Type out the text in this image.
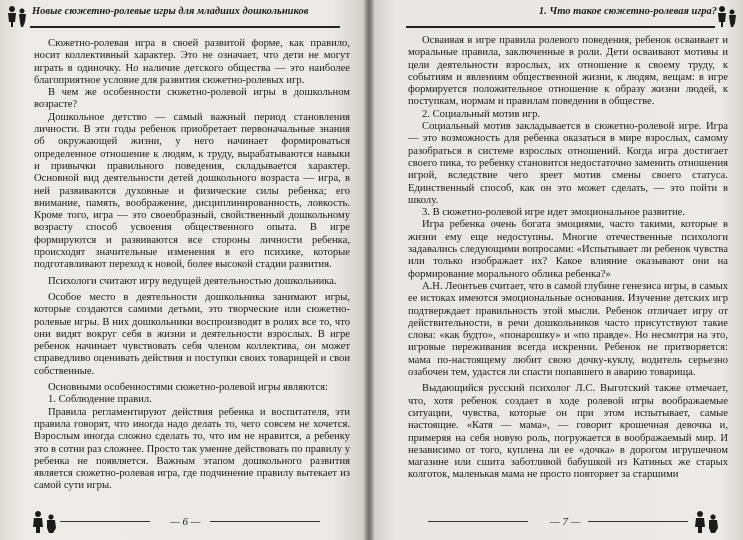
Новые сюжетно-ролевые игры для младших дошкольников

Сюжетно-ролевая игра в своей развитой форме, как правило, носит коллективный характер. Это не означает, что дети не могут играть в одиночку. Но наличие детского общества — это наиболее благоприятное условие для развития сюжетно-ролевых игр.

В чем же особенности сюжетно-ролевой игры в дошкольном возрасте?

Дошкольное детство — самый важный период становления личности. В эти годы ребенок приобретает первоначальные знания об окружающей жизни, у него начинает формироваться определенное отношение к людям, к труду, вырабатываются навыки и привычки правильного поведения, складывается характер. Основной вид деятельности детей дошкольного возраста — игра, в ней развиваются духовные и физические силы ребенка; его внимание, память, воображение, дисциплинированность, ловкость. Кроме того, игра — это своеобразный, свойственный дошкольному возрасту способ усвоения общественного опыта. В игре формируются и развиваются все стороны личности ребенка, происходят значительные изменения в его психике, которые подготавливают переход к новой, более высокой стадии развития.

Психологи считают игру ведущей деятельностью дошкольника.

Особое место в деятельности дошкольника занимают игры, которые создаются самими детьми, это творческие или сюжетно-ролевые игры. В них дошкольники воспроизводят в ролях все то, что они видят вокруг себя в жизни и деятельности взрослых. В игре ребенок начинает чувствовать себя членом коллектива, он может справедливо оценивать действия и поступки своих товарищей и свои собственные.

Основными особенностями сюжетно-ролевой игры являются:

1. Соблюдение правил.

Правила регламентируют действия ребенка и воспитателя, эти правила говорят, что иногда надо делать то, чего совсем не хочется. Взрослым иногда сложно сделать то, что им не нравится, а ребенку это в сотни раз сложнее. Просто так умение действовать по правилу у ребенка не появляется. Важным этапом дошкольного развития является сюжетно-ролевая игра, где подчинение правилу вытекает из самой сути игры.

— 6 —
1. Что такое сюжетно-ролевая игра?

Осваивая в игре правила ролевого поведения, ребенок осваивает и моральные правила, заключенные в роли. Дети осваивают мотивы и цели деятельности взрослых, их отношение к своему труду, к событиям и явлениям общественной жизни, к людям, вещам: в игре формируется положительное отношение к образу жизни людей, к поступкам, нормам и правилам поведения в обществе.

2. Социальный мотив игр.

Социальный мотив закладывается в сюжетно-ролевой игре. Игра — это возможность для ребенка оказаться в мире взрослых, самому разобраться в системе взрослых отношений. Когда игра достигает своего пика, то ребенку становится недостаточно заменить отношения игрой, вследствие чего зреет мотив смены своего статуса. Единственный способ, как он это может сделать, — это пойти в школу.

3. В сюжетно-ролевой игре идет эмоциональное развитие.

Игра ребенка очень богата эмоциями, часто такими, которые в жизни ему еще недоступны. Многие отечественные психологи задавались следующими вопросами: «Испытывает ли ребенок чувства или только изображает их? Какое влияние оказывают они на формирование морального облика ребенка?»

А.Н. Леонтьев считает, что в самой глубине генезиса игры, в самых ее истоках имеются эмоциональные основания. Изучение детских игр подтверждает правильность этой мысли. Ребенок отличает игру от действительности, в речи дошкольников часто присутствуют такие слова: «как будто», «понарошку» и «по правде». Но несмотря на это, игровые переживания всегда искренни. Ребенок не притворяется: мама по-настоящему любит свою дочку-куклу, водитель серьезно озабочен тем, удастся ли спасти попавшего в аварию товарища.

Выдающийся русский психолог Л.С. Выготский также отмечает, что, хотя ребенок создает в ходе ролевой игры воображаемые ситуации, чувства, которые он при этом испытывает, самые настоящие. «Катя — мама», — говорит крошечная девочка и, примеряя на себя новую роль, погружается в воображаемый мир. И независимо от того, куплена ли ее «дочка» в дорогом игрушечном магазине или сшита заботливой бабушкой из Катиных же старых колготок, маленькая мама не просто повторяет за старшими

— 7 —
